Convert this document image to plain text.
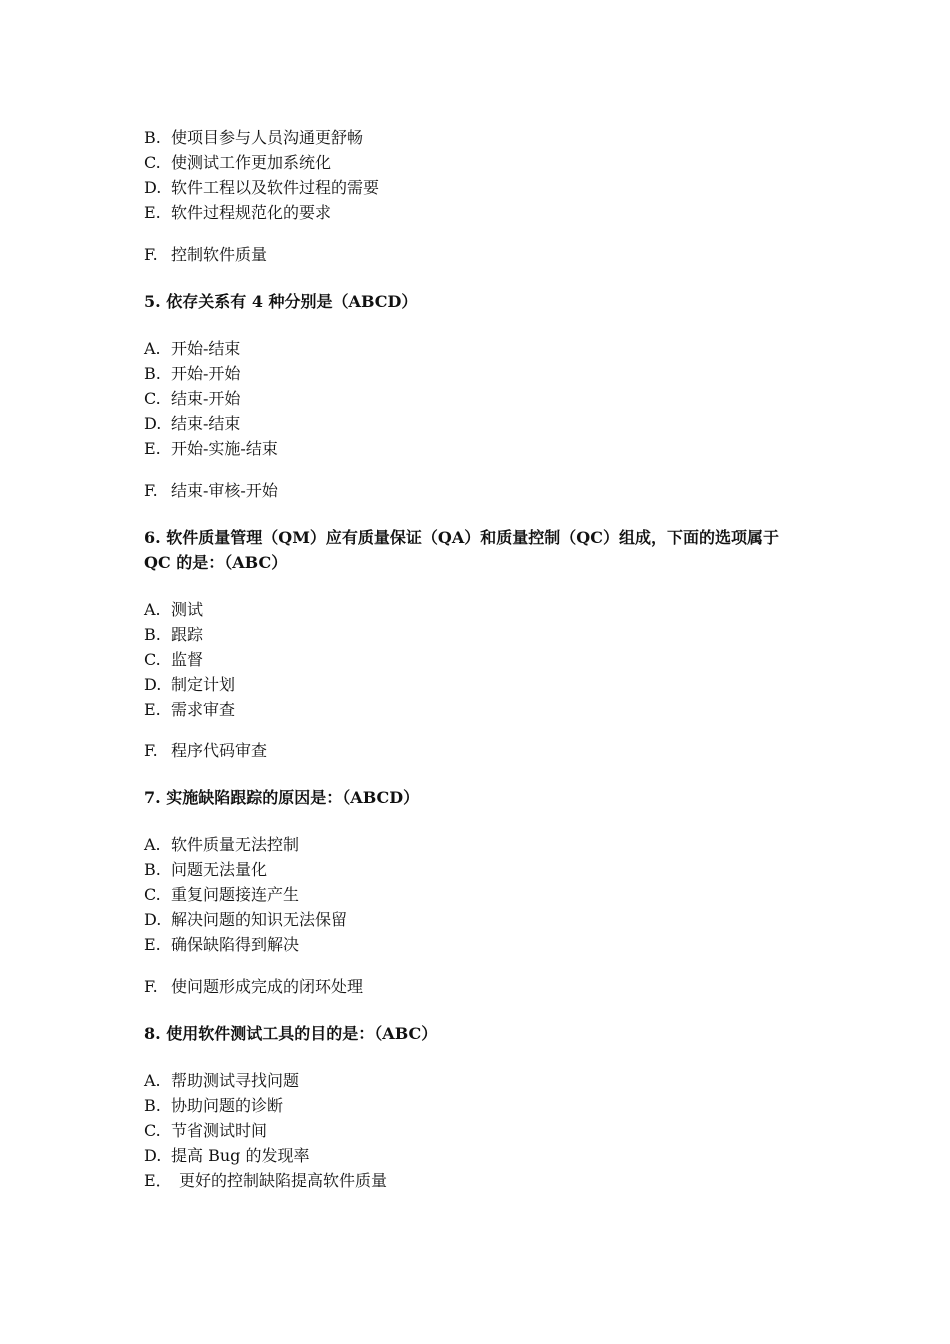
B. 使项目参与人员沟通更舒畅
C. 使测试工作更加系统化
D. 软件工程以及软件过程的需要
E. 软件过程规范化的要求
F. 控制软件质量
5. 依存关系有 4 种分别是（ABCD）
A. 开始-结束
B. 开始-开始
C. 结束-开始
D. 结束-结束
E. 开始-实施-结束
F. 结束-审核-开始
6. 软件质量管理（QM）应有质量保证（QA）和质量控制（QC）组成，下面的选项属于
QC 的是：（ABC）
A. 测试
B. 跟踪
C. 监督
D. 制定计划
E. 需求审查
F. 程序代码审查
7. 实施缺陷跟踪的原因是：（ABCD）
A. 软件质量无法控制
B. 问题无法量化
C. 重复问题接连产生
D. 解决问题的知识无法保留
E. 确保缺陷得到解决
F. 使问题形成完成的闭环处理
8. 使用软件测试工具的目的是：（ABC）
A. 帮助测试寻找问题
B. 协助问题的诊断
C. 节省测试时间
D. 提高 Bug 的发现率
E． 更好的控制缺陷提高软件质量
